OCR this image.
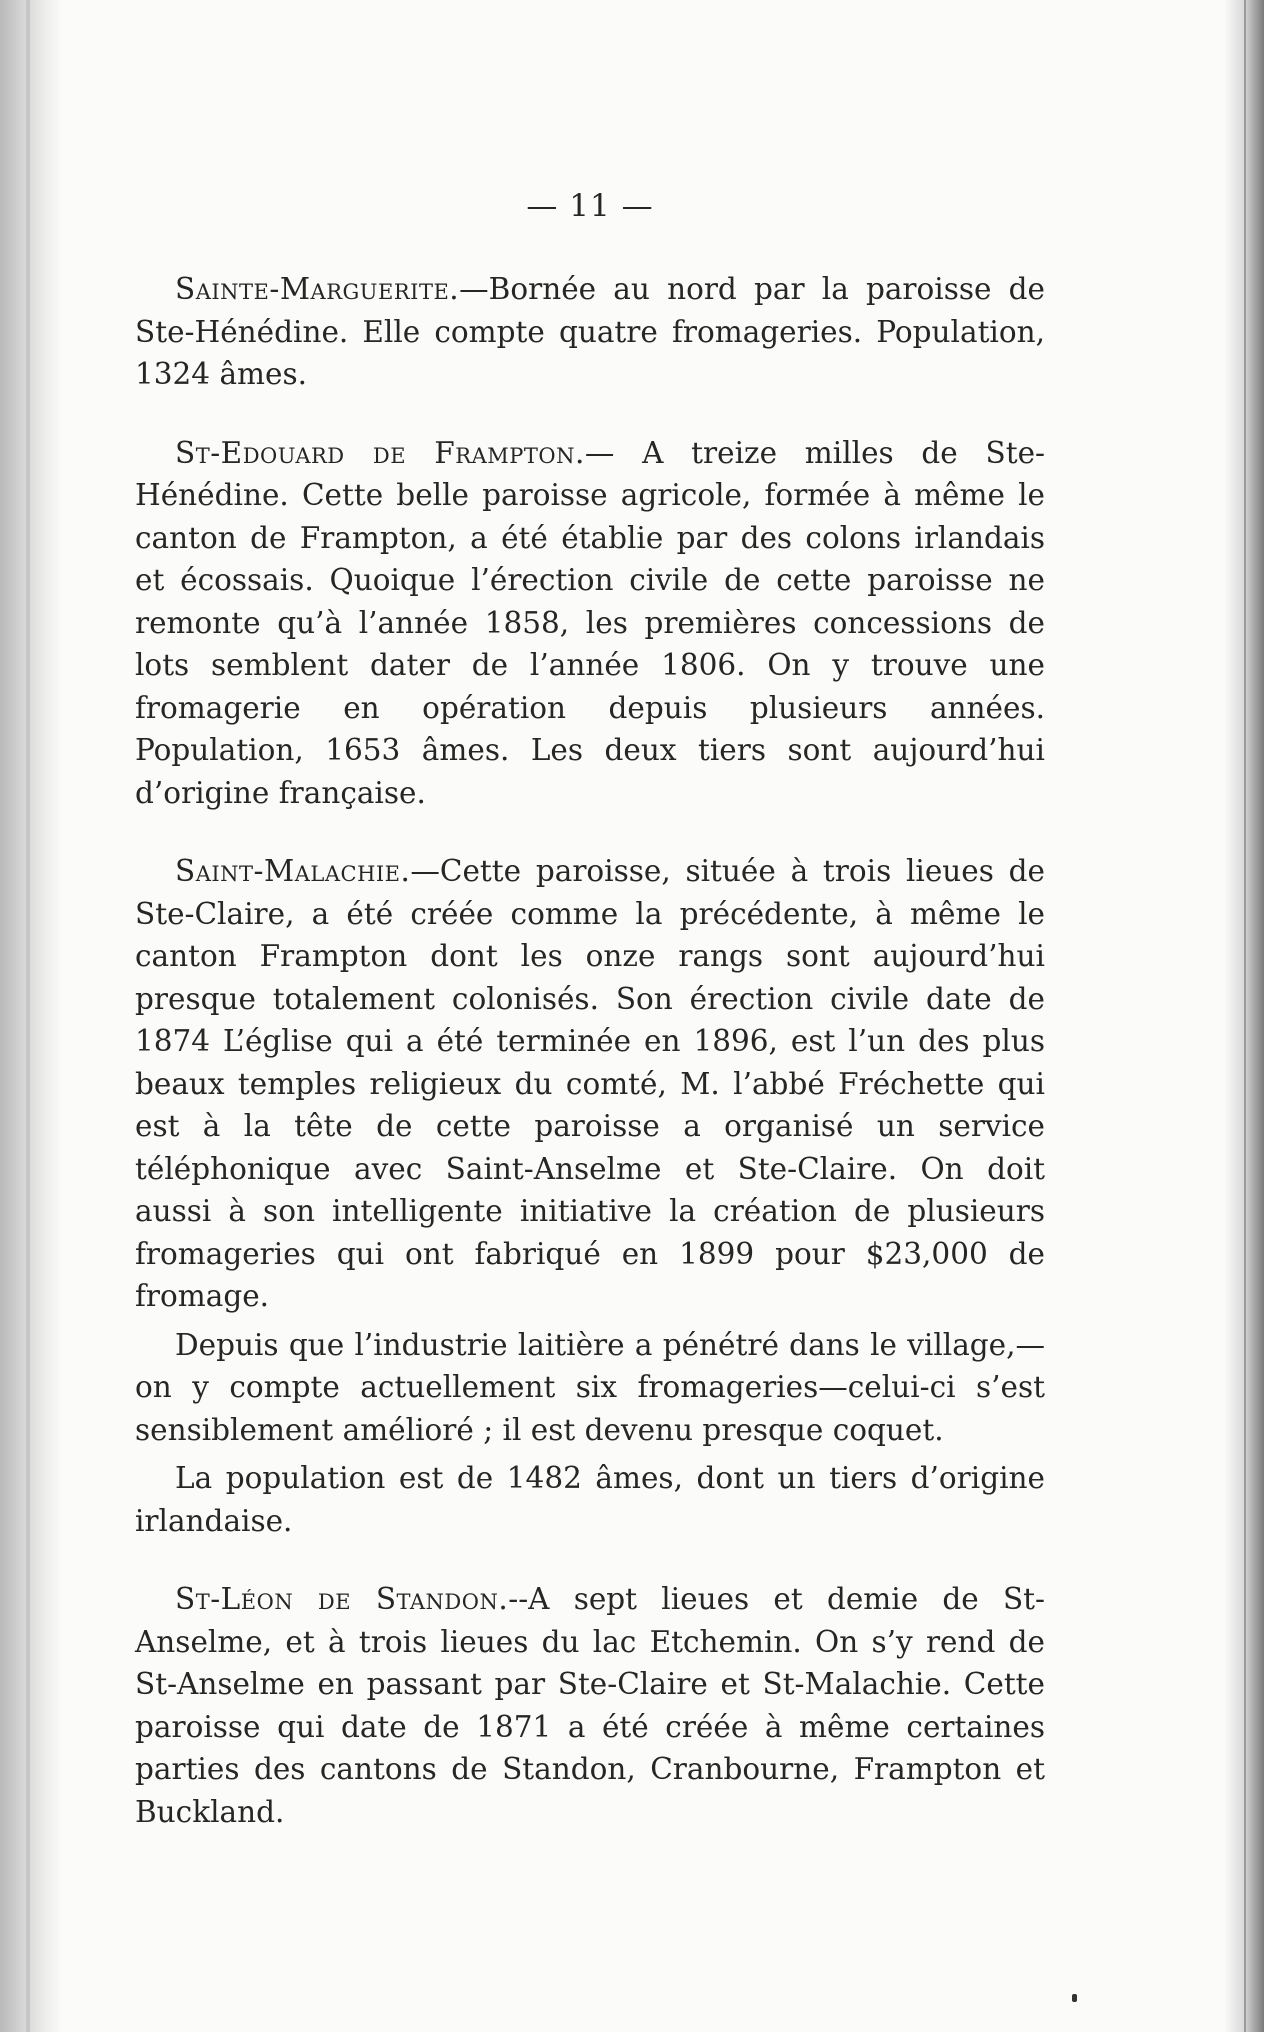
— 11 —

Sainte-Marguerite.—Bornée au nord par la paroisse de Ste-Hénédine. Elle compte quatre fromageries. Population, 1324 âmes.

St-Edouard de Frampton.— A treize milles de Ste-Hénédine. Cette belle paroisse agricole, formée à même le canton de Frampton, a été établie par des colons irlandais et écossais. Quoique l’érection civile de cette paroisse ne remonte qu’à l’année 1858, les premières concessions de lots semblent dater de l’année 1806. On y trouve une fromagerie en opération depuis plusieurs années. Population, 1653 âmes. Les deux tiers sont aujourd’hui d’origine française.

Saint-Malachie.—Cette paroisse, située à trois lieues de Ste-Claire, a été créée comme la précédente, à même le canton Frampton dont les onze rangs sont aujourd’hui presque totalement colonisés. Son érection civile date de 1874 L’église qui a été terminée en 1896, est l’un des plus beaux temples religieux du comté, M. l’abbé Fréchette qui est à la tête de cette paroisse a organisé un service téléphonique avec Saint-Anselme et Ste-Claire. On doit aussi à son intelligente initiative la création de plusieurs fromageries qui ont fabriqué en 1899 pour $23,000 de fromage.

Depuis que l’industrie laitière a pénétré dans le village,—on y compte actuellement six fromageries—celui-ci s’est sensiblement amélioré ; il est devenu presque coquet.

La population est de 1482 âmes, dont un tiers d’origine irlandaise.

St-Léon de Standon.--A sept lieues et demie de St-Anselme, et à trois lieues du lac Etchemin. On s’y rend de St-Anselme en passant par Ste-Claire et St-Malachie. Cette paroisse qui date de 1871 a été créée à même certaines parties des cantons de Standon, Cranbourne, Frampton et Buckland.
